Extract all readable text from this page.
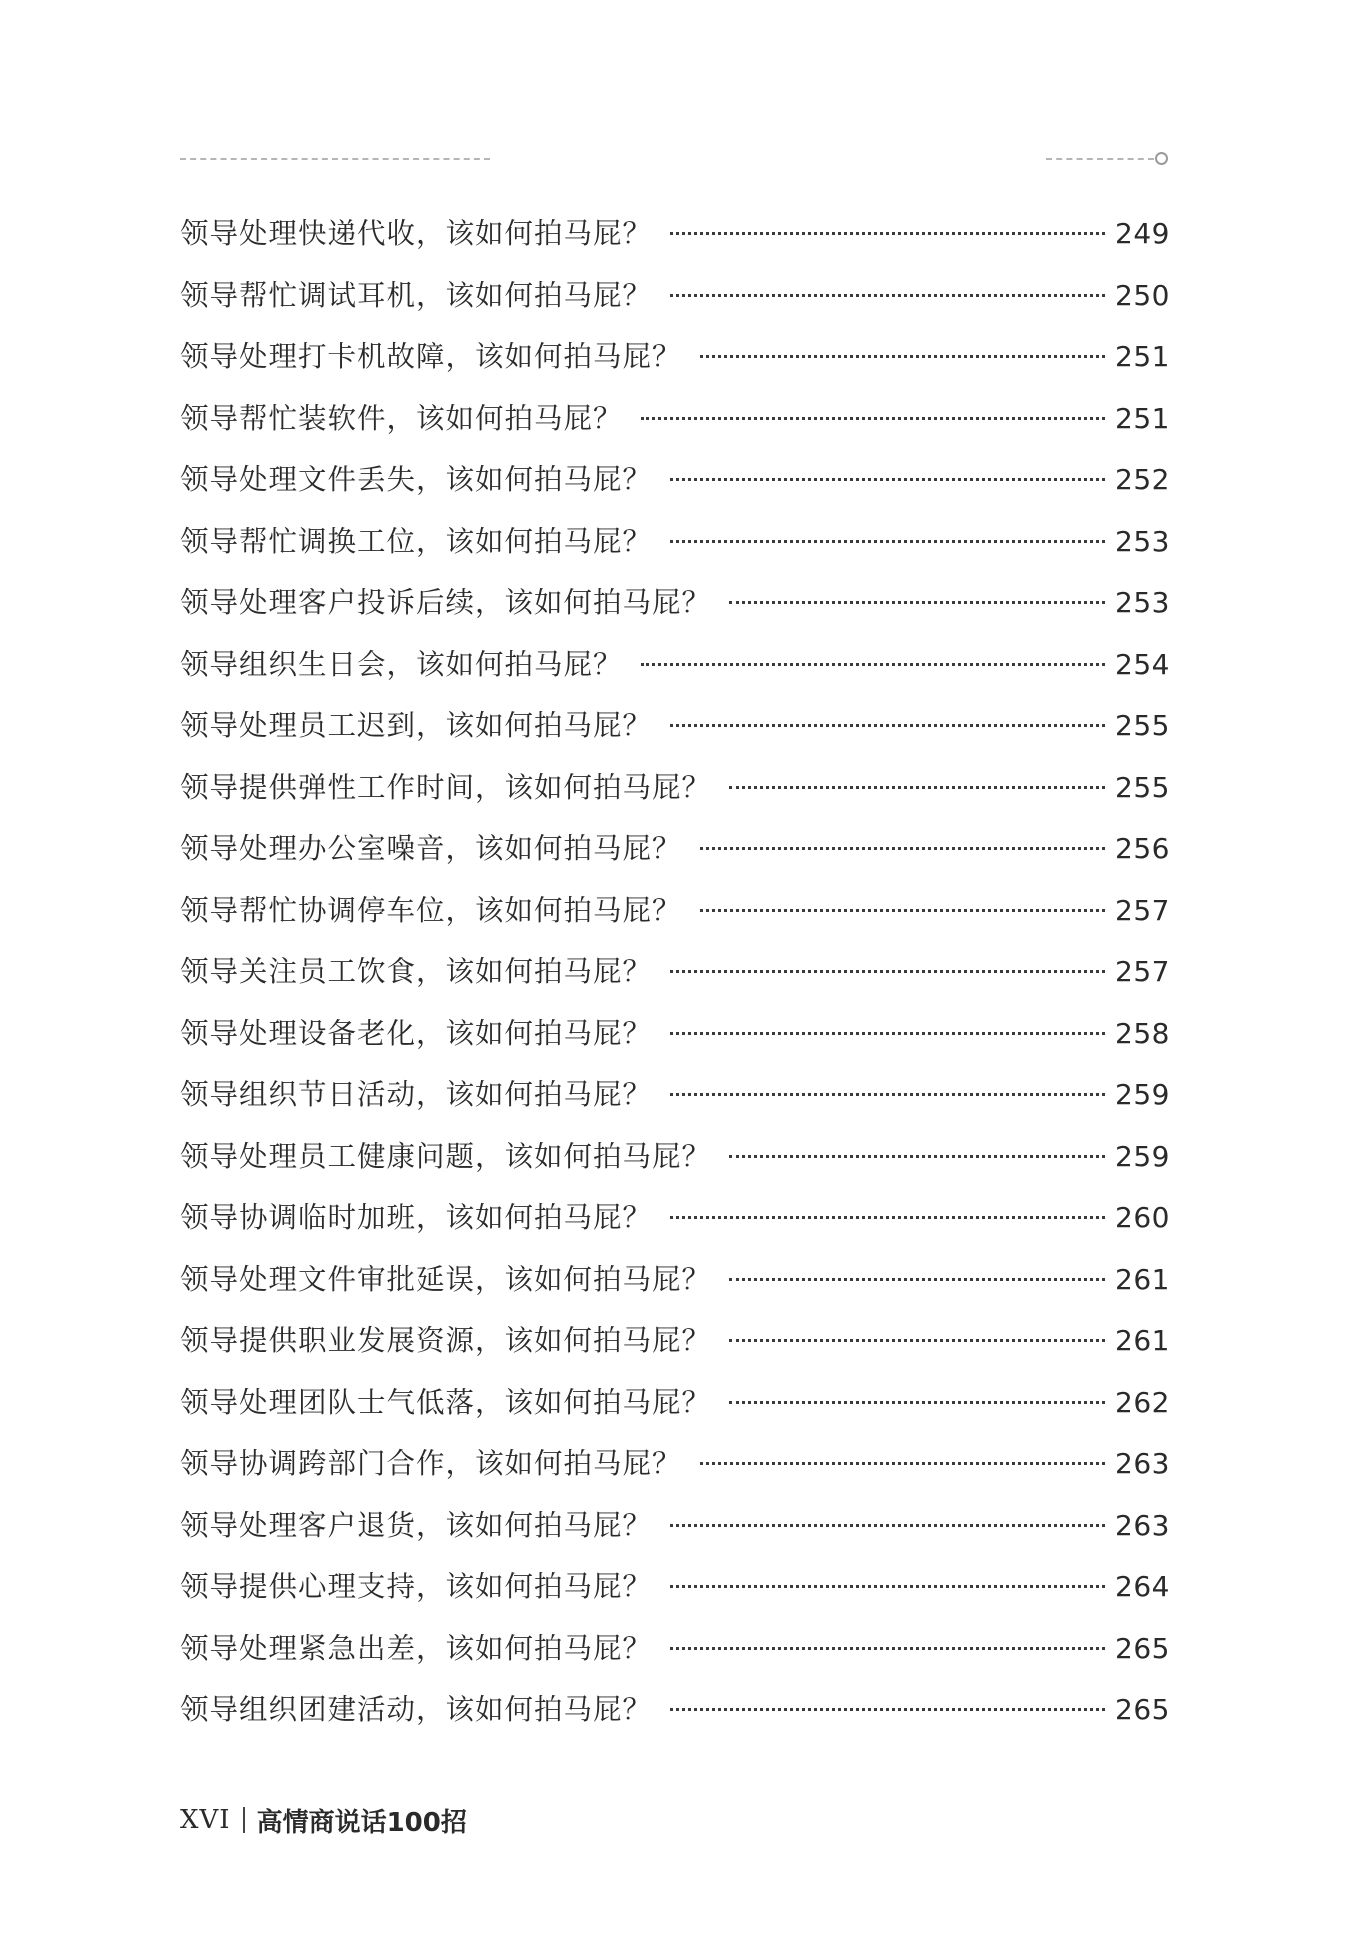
领导处理快递代收，该如何拍马屁？	249
领导帮忙调试耳机，该如何拍马屁？	250
领导处理打卡机故障，该如何拍马屁？	251
领导帮忙装软件，该如何拍马屁？	251
领导处理文件丢失，该如何拍马屁？	252
领导帮忙调换工位，该如何拍马屁？	253
领导处理客户投诉后续，该如何拍马屁？	253
领导组织生日会，该如何拍马屁？	254
领导处理员工迟到，该如何拍马屁？	255
领导提供弹性工作时间，该如何拍马屁？	255
领导处理办公室噪音，该如何拍马屁？	256
领导帮忙协调停车位，该如何拍马屁？	257
领导关注员工饮食，该如何拍马屁？	257
领导处理设备老化，该如何拍马屁？	258
领导组织节日活动，该如何拍马屁？	259
领导处理员工健康问题，该如何拍马屁？	259
领导协调临时加班，该如何拍马屁？	260
领导处理文件审批延误，该如何拍马屁？	261
领导提供职业发展资源，该如何拍马屁？	261
领导处理团队士气低落，该如何拍马屁？	262
领导协调跨部门合作，该如何拍马屁？	263
领导处理客户退货，该如何拍马屁？	263
领导提供心理支持，该如何拍马屁？	264
领导处理紧急出差，该如何拍马屁？	265
领导组织团建活动，该如何拍马屁？	265
XVI 高情商说话100招
